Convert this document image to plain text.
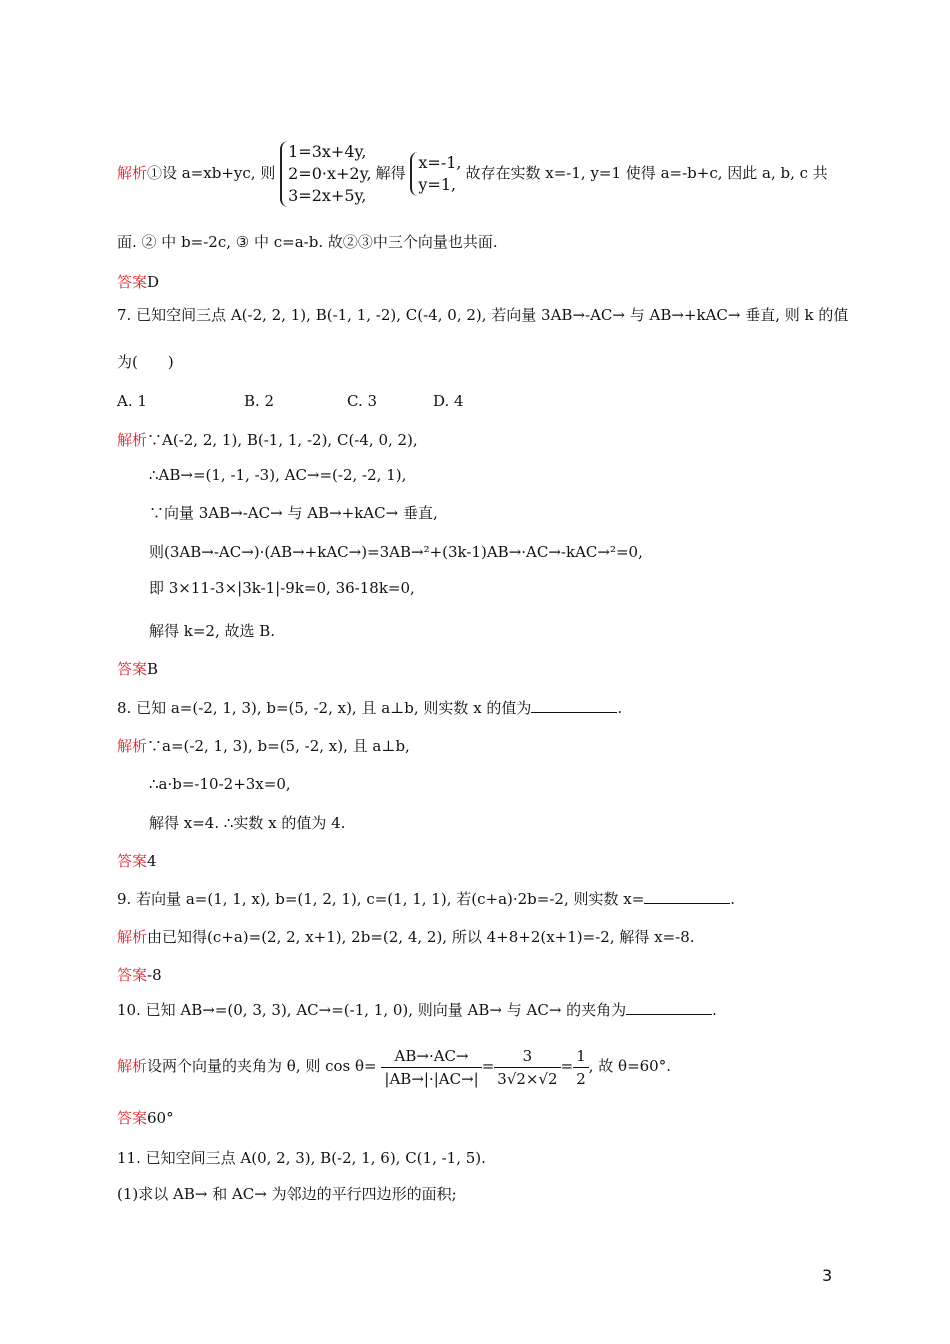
解析①设 a=xb+yc, 则
1=3x+4y,
2=0·x+2y,
3=2x+5y,
解得
x=-1,
y=1,
故存在实数 x=-1, y=1 使得 a=-b+c, 因此 a, b, c 共
面. ② 中 b=-2c, ③ 中 c=a-b. 故②③中三个向量也共面.
答案D
7. 已知空间三点 A(-2, 2, 1), B(-1, 1, -2), C(-4, 0, 2), 若向量 3AB→-AC→ 与 AB→+kAC→ 垂直, 则 k 的值
为(　　)
A. 1	B. 2	C. 3	D. 4
解析∵A(-2, 2, 1), B(-1, 1, -2), C(-4, 0, 2),
∴AB→=(1, -1, -3), AC→=(-2, -2, 1),
∵向量 3AB→-AC→ 与 AB→+kAC→ 垂直,
则(3AB→-AC→)·(AB→+kAC→)=3AB→²+(3k-1)AB→·AC→-kAC→²=0,
即 3×11-3×|3k-1|-9k=0, 36-18k=0,
解得 k=2, 故选 B.
答案B
8. 已知 a=(-2, 1, 3), b=(5, -2, x), 且 a⊥b, 则实数 x 的值为	.
解析∵a=(-2, 1, 3), b=(5, -2, x), 且 a⊥b,
∴a·b=-10-2+3x=0,
解得 x=4. ∴实数 x 的值为 4.
答案4
9. 若向量 a=(1, 1, x), b=(1, 2, 1), c=(1, 1, 1), 若(c+a)·2b=-2, 则实数 x=	.
解析由已知得(c+a)=(2, 2, x+1), 2b=(2, 4, 2), 所以 4+8+2(x+1)=-2, 解得 x=-8.
答案-8
10. 已知 AB→=(0, 3, 3), AC→=(-1, 1, 0), 则向量 AB→ 与 AC→ 的夹角为	.
解析设两个向量的夹角为 θ, 则 $\cos \theta= \frac{AB\to\cdot AC\to}{|AB\to|\cdot|AC\to|} = \frac{3}{3√2\times√2} = \frac{1}{2}$ , 故 θ=60°.
答案60°
11. 已知空间三点 A(0, 2, 3), B(-2, 1, 6), C(1, -1, 5).
(1)求以 AB→ 和 AC→ 为邻边的平行四边形的面积;
3
